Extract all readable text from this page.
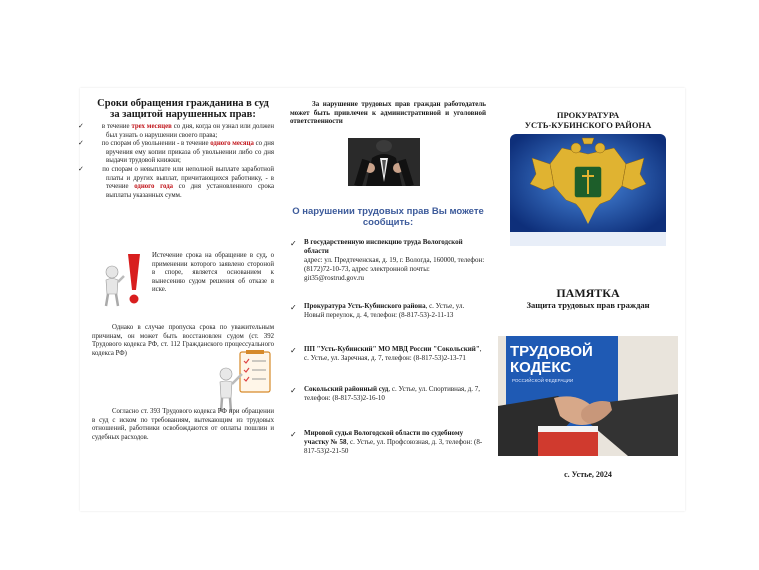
Сроки обращения гражданина в суд за защитой нарушенных прав:
✓	в течение трех месяцев со дня, когда он узнал или должен был узнать о нарушении своего права;
✓	по спорам об увольнении - в течение одного месяца со дня вручения ему копии приказа об увольнении либо со дня выдачи трудовой книжки;
✓	по спорам о невыплате или неполной выплате заработной платы и других выплат, причитающихся работнику, - в течение одного года со дня установленного срока выплаты указанных сумм.
Истечение срока на обращение в суд, о применении которого заявлено стороной в споре, является основанием к вынесению судом решения об отказе в иске.
Однако в случае пропуска срока по уважительным причинам, он может быть восстановлен судом (ст. 392 Трудового кодекса РФ, ст. 112 Гражданского процессуального кодекса РФ)
Согласно ст. 393 Трудового кодекса РФ при обращении в суд с иском по требованиям, вытекающим из трудовых отношений, работники освобождаются от оплаты пошлин и судебных расходов.
За нарушение трудовых прав граждан работодатель может быть привлечен к административной и уголовной ответственности
О нарушении трудовых прав Вы можете сообщить:
✓	В государственную инспекцию труда Вологодской области
адрес: ул. Предтеченская, д. 19, г. Вологда, 160000, телефон: (8172)72-10-73, адрес электронной почты: git35@rostrud.gov.ru
✓	Прокуратура Усть-Кубинского района, с. Устье, ул. Новый переулок, д. 4, телефон: (8-817-53)-2-11-13
✓	ПП "Усть-Кубинский" МО МВД России "Сокольский", с. Устье, ул. Заречная, д. 7, телефон: (8-817-53)2-13-71
✓	Сокольский районный суд, с. Устье, ул. Спортивная, д. 7, телефон: (8-817-53)2-16-10
✓	Мировой судья Вологодской области по судебному участку № 58, с. Устье, ул. Профсоюзная, д. 3, телефон: (8-817-53)2-21-50
ПРОКУРАТУРА
УСТЬ-КУБИНСКОГО РАЙОНА
ПАМЯТКА
Защита трудовых прав граждан
ТРУДОВОЙ
КОДЕКС
РОССИЙСКОЙ ФЕДЕРАЦИИ
с. Устье, 2024
